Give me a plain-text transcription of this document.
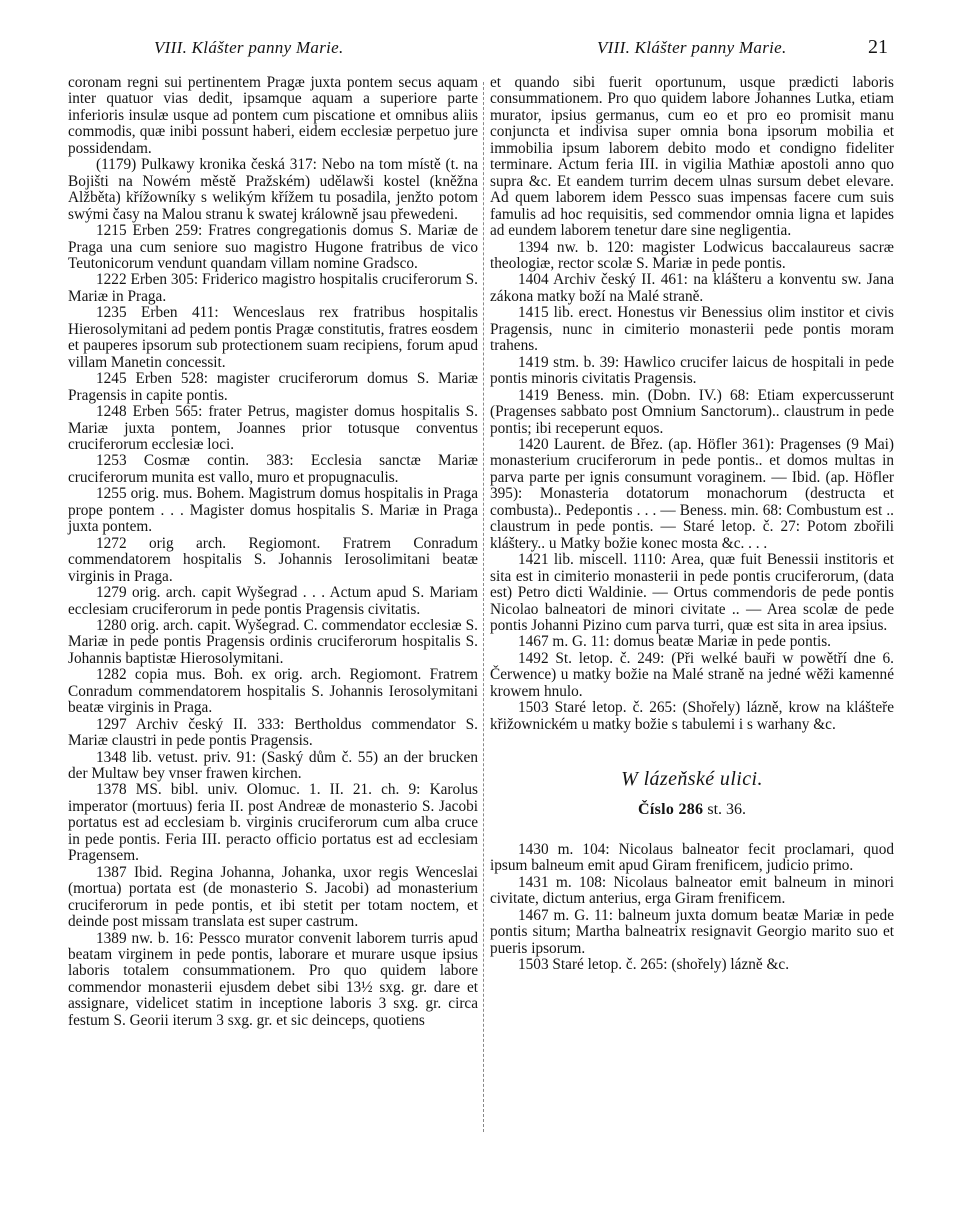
VIII. Klášter panny Marie.	VIII. Klášter panny Marie.	21

coronam regni sui pertinentem Pragæ juxta pontem secus aquam inter quatuor vias dedit, ipsamque aquam a superiore parte inferioris insulæ usque ad pontem cum piscatione et omnibus aliis commodis, quæ inibi possunt haberi, eidem ecclesiæ perpetuo jure possidendam.

(1179) Pulkawy kronika česká 317: Nebo na tom místě (t. na Bojišti na Nowém městě Pražském) udělawši kostel (kněžna Alžběta) křížowníky s welikým křížem tu posadila, jenžto potom swými časy na Malou stranu k swatej králowně jsau přewedeni.

1215 Erben 259: Fratres congregationis domus S. Mariæ de Praga una cum seniore suo magistro Hugone fratribus de vico Teutonicorum vendunt quandam villam nomine Gradsco.

1222 Erben 305: Friderico magistro hospitalis cruciferorum S. Mariæ in Praga.

1235 Erben 411: Wenceslaus rex fratribus hospitalis Hierosolymitani ad pedem pontis Pragæ constitutis, fratres eosdem et pauperes ipsorum sub protectionem suam recipiens, forum apud villam Manetin concessit.

1245 Erben 528: magister cruciferorum domus S. Mariæ Pragensis in capite pontis.

1248 Erben 565: frater Petrus, magister domus hospitalis S. Mariæ juxta pontem, Joannes prior totusque conventus cruciferorum ecclesiæ loci.

1253 Cosmæ contin. 383: Ecclesia sanctæ Mariæ cruciferorum munita est vallo, muro et propugnaculis.

1255 orig. mus. Bohem. Magistrum domus hospitalis in Praga prope pontem . . . Magister domus hospitalis S. Mariæ in Praga juxta pontem.

1272 orig arch. Regiomont. Fratrem Conradum commendatorem hospitalis S. Johannis Ierosolimitani beatæ virginis in Praga.

1279 orig. arch. capit Wyšegrad . . . Actum apud S. Mariam ecclesiam cruciferorum in pede pontis Pragensis civitatis.

1280 orig. arch. capit. Wyšegrad. C. commendator ecclesiæ S. Mariæ in pede pontis Pragensis ordinis cruciferorum hospitalis S. Johannis baptistæ Hierosolymitani.

1282 copia mus. Boh. ex orig. arch. Regiomont. Fratrem Conradum commendatorem hospitalis S. Johannis Ierosolymitani beatæ virginis in Praga.

1297 Archiv český II. 333: Bertholdus commendator S. Mariæ claustri in pede pontis Pragensis.

1348 lib. vetust. priv. 91: (Saský dům č. 55) an der brucken der Multaw bey vnser frawen kirchen.

1378 MS. bibl. univ. Olomuc. 1. II. 21. ch. 9: Karolus imperator (mortuus) feria II. post Andreæ de monasterio S. Jacobi portatus est ad ecclesiam b. virginis cruciferorum cum alba cruce in pede pontis. Feria III. peracto officio portatus est ad ecclesiam Pragensem.

1387 Ibid. Regina Johanna, Johanka, uxor regis Wenceslai (mortua) portata est (de monasterio S. Jacobi) ad monasterium cruciferorum in pede pontis, et ibi stetit per totam noctem, et deinde post missam translata est super castrum.

1389 nw. b. 16: Pessco murator convenit laborem turris apud beatam virginem in pede pontis, laborare et murare usque ipsius laboris totalem consummationem. Pro quo quidem labore commendor monasterii ejusdem debet sibi 13½ sxg. gr. dare et assignare, videlicet statim in inceptione laboris 3 sxg. gr. circa festum S. Georii iterum 3 sxg. gr. et sic deinceps, quotiens

et quando sibi fuerit oportunum, usque prædicti laboris consummationem. Pro quo quidem labore Johannes Lutka, etiam murator, ipsius germanus, cum eo et pro eo promisit manu conjuncta et indivisa super omnia bona ipsorum mobilia et immobilia ipsum laborem debito modo et condigno fideliter terminare. Actum feria III. in vigilia Mathiæ apostoli anno quo supra &c. Et eandem turrim decem ulnas sursum debet elevare. Ad quem laborem idem Pessco suas impensas facere cum suis famulis ad hoc requisitis, sed commendor omnia ligna et lapides ad eundem laborem tenetur dare sine negligentia.

1394 nw. b. 120: magister Lodwicus baccalaureus sacræ theologiæ, rector scolæ S. Mariæ in pede pontis.

1404 Archiv český II. 461: na klášteru a konventu sw. Jana zákona matky boží na Malé straně.

1415 lib. erect. Honestus vir Benessius olim institor et civis Pragensis, nunc in cimiterio monasterii pede pontis moram trahens.

1419 stm. b. 39: Hawlico crucifer laicus de hospitali in pede pontis minoris civitatis Pragensis.

1419 Beness. min. (Dobn. IV.) 68: Etiam expercusserunt (Pragenses sabbato post Omnium Sanctorum).. claustrum in pede pontis; ibi receperunt equos.

1420 Laurent. de Břez. (ap. Höfler 361): Pragenses (9 Mai) monasterium cruciferorum in pede pontis.. et domos multas in parva parte per ignis consumunt voraginem. — Ibid. (ap. Höfler 395): Monasteria dotatorum monachorum (destructa et combusta).. Pedepontis . . . — Beness. min. 68: Combustum est .. claustrum in pede pontis. — Staré letop. č. 27: Potom zbořili kláštery.. u Matky božie konec mosta &c. . . .

1421 lib. miscell. 1110: Area, quæ fuit Benessii institoris et sita est in cimiterio monasterii in pede pontis cruciferorum, (data est) Petro dicti Waldinie. — Ortus commendoris de pede pontis Nicolao balneatori de minori civitate .. — Area scolæ de pede pontis Johanni Pizino cum parva turri, quæ est sita in area ipsius.

1467 m. G. 11: domus beatæ Mariæ in pede pontis.

1492 St. letop. č. 249: (Při welké bauři w powětří dne 6. Čerwence) u matky božie na Malé straně na jedné wěži kamenné krowem hnulo.

1503 Staré letop. č. 265: (Shořely) lázně, krow na klášteře křižownickém u matky božie s tabulemi i s warhany &c.

W lázeňské ulici.
Číslo 286 st. 36.

1430 m. 104: Nicolaus balneator fecit proclamari, quod ipsum balneum emit apud Giram frenificem, judicio primo.

1431 m. 108: Nicolaus balneator emit balneum in minori civitate, dictum anterius, erga Giram frenificem.

1467 m. G. 11: balneum juxta domum beatæ Mariæ in pede pontis situm; Martha balneatrix resignavit Georgio marito suo et pueris ipsorum.

1503 Staré letop. č. 265: (shořely) lázně &c.
